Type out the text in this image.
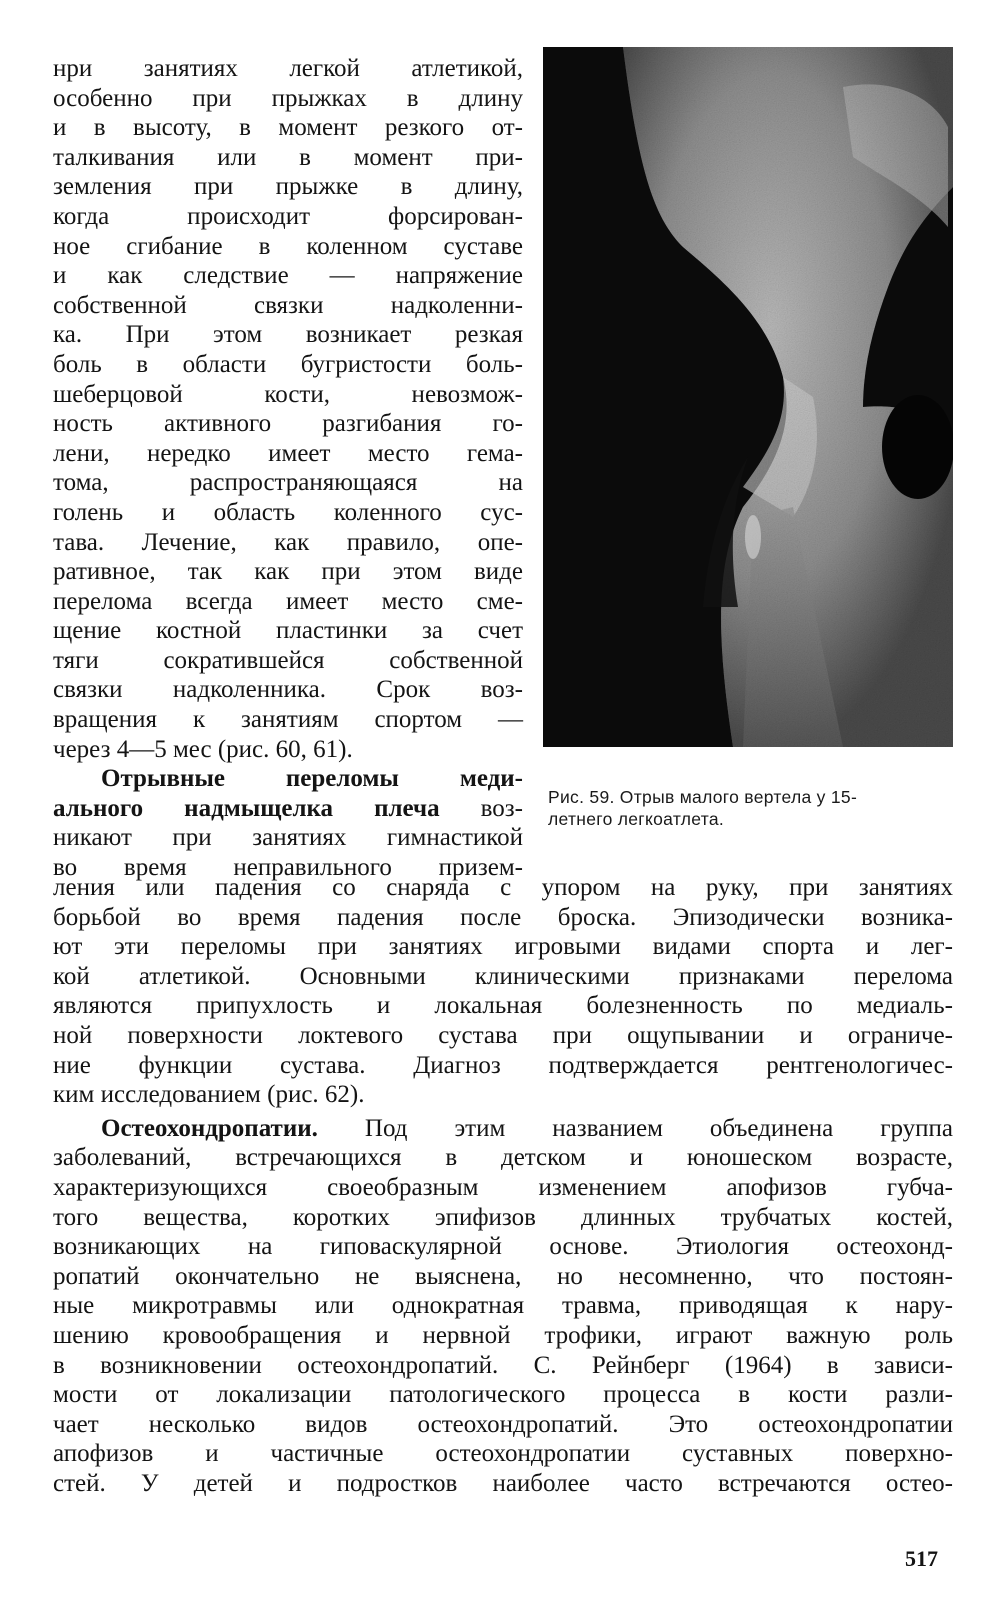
нри занятиях легкой атлетикой,
особенно при прыжках в длину
и в высоту, в момент резкого от-
талкивания или в момент при-
земления при прыжке в длину,
когда происходит форсирован-
ное сгибание в коленном суставе
и как следствие — напряжение
собственной связки надколенни-
ка. При этом возникает резкая
боль в области бугристости боль-
шеберцовой кости, невозмож-
ность активного разгибания го-
лени, нередко имеет место гема-
тома, распространяющаяся на
голень и область коленного сус-
тава. Лечение, как правило, опе-
ративное, так как при этом виде
перелома всегда имеет место сме-
щение костной пластинки за счет
тяги сократившейся собственной
связки надколенника. Срок воз-
вращения к занятиям спортом —
через 4—5 мес (рис. 60, 61).
Отрывные переломы меди-
ального надмыщелка плеча воз-
никают при занятиях гимнастикой
во время неправильного призем-
Рис. 59. Отрыв малого вертела у 15-
летнего легкоатлета.
ления или падения со снаряда с упором на руку, при занятиях
борьбой во время падения после броска. Эпизодически возника-
ют эти переломы при занятиях игровыми видами спорта и лег-
кой атлетикой. Основными клиническими признаками перелома
являются припухлость и локальная болезненность по медиаль-
ной поверхности локтевого сустава при ощупывании и ограниче-
ние функции сустава. Диагноз подтверждается рентгенологичес-
ким исследованием (рис. 62).
Остеохондропатии. Под этим названием объединена группа
заболеваний, встречающихся в детском и юношеском возрасте,
характеризующихся своеобразным изменением апофизов губча-
того вещества, коротких эпифизов длинных трубчатых костей,
возникающих на гиповаскулярной основе. Этиология остеохонд-
ропатий окончательно не выяснена, но несомненно, что постоян-
ные микротравмы или однократная травма, приводящая к нару-
шению кровообращения и нервной трофики, играют важную роль
в возникновении остеохондропатий. С. Рейнберг (1964) в зависи-
мости от локализации патологического процесса в кости разли-
чает несколько видов остеохондропатий. Это остеохондропатии
апофизов и частичные остеохондропатии суставных поверхно-
стей. У детей и подростков наиболее часто встречаются остео-
517
